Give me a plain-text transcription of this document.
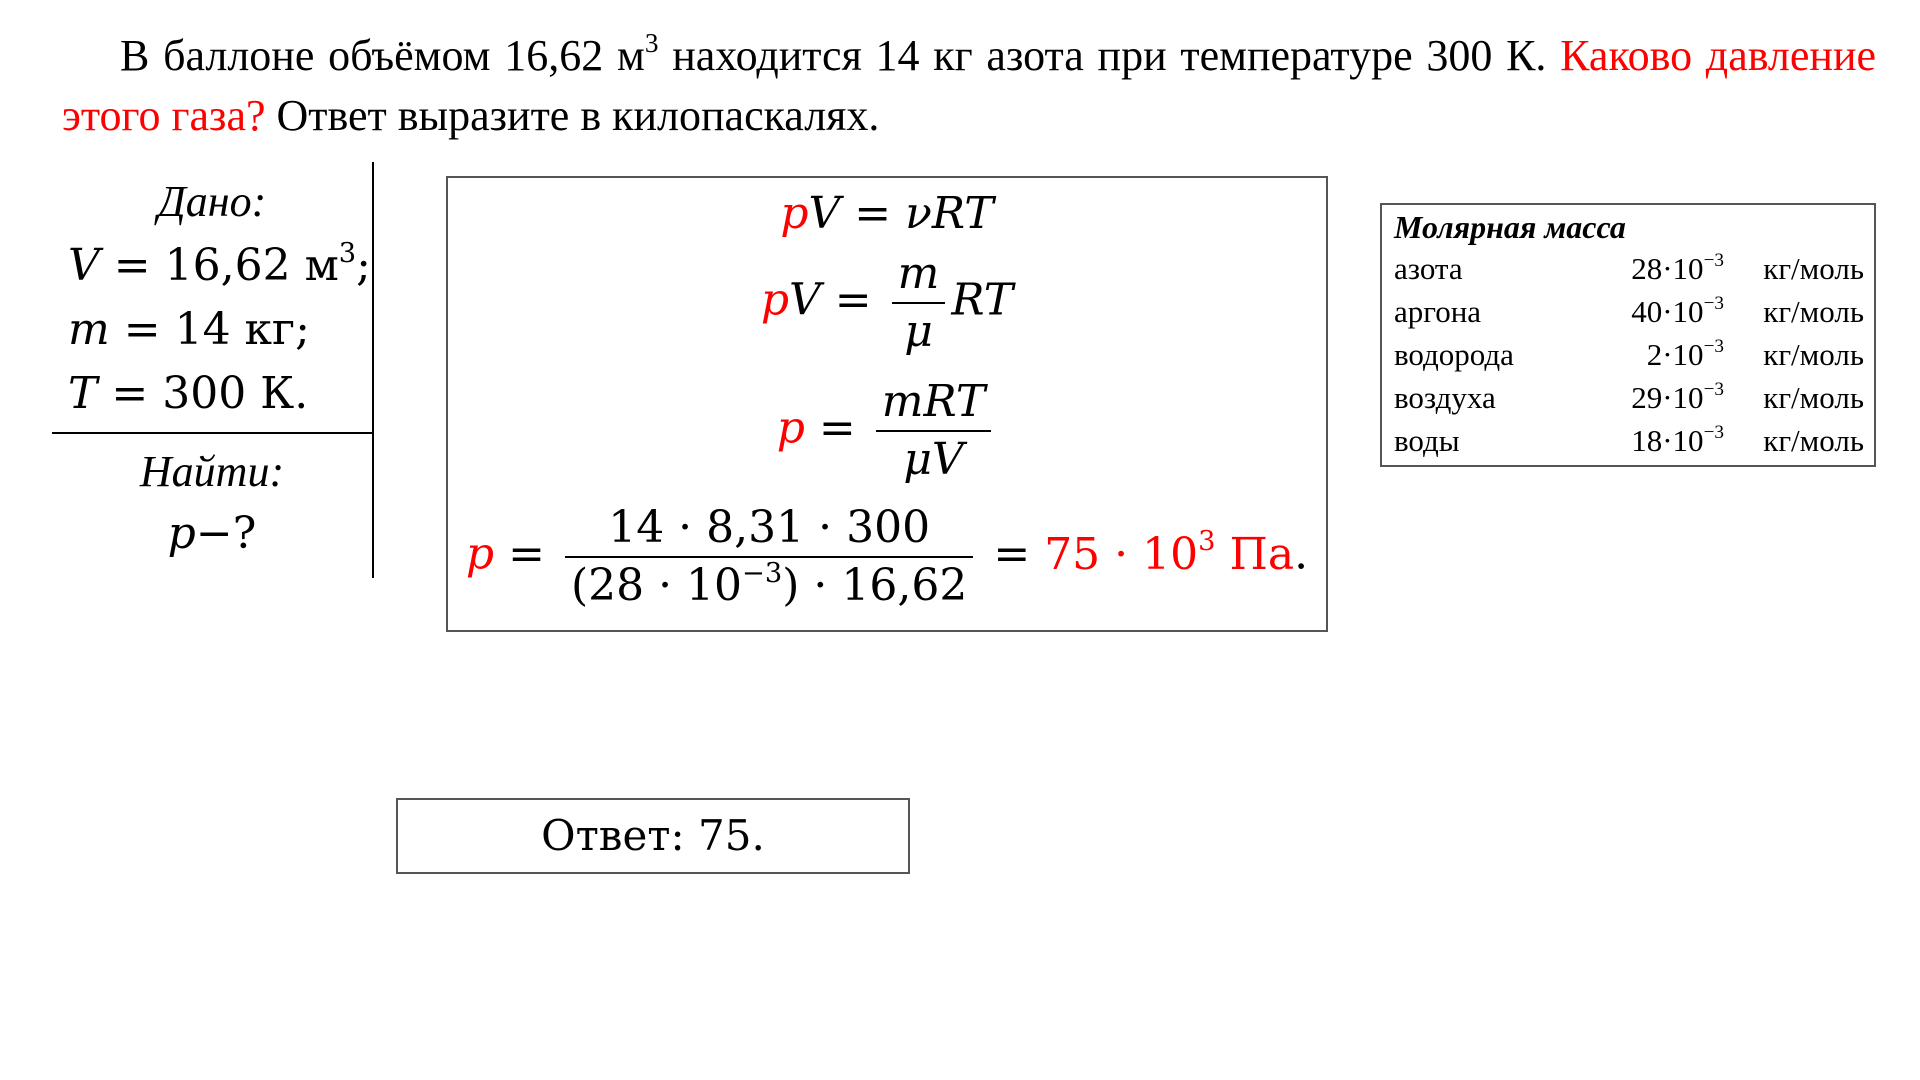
В баллоне объёмом 16,62 $м^3$ находится 14 кг азота при температуре 300 К. Каково давление этого газа? Ответ выразите в килопаскалях.
Дано:
V = 16,62 $м^3$;
m = 14 кг;
T = 300 К.
Найти:
p−?
pV = νRT
pV = $\frac{m}{\mu}$ RT
$p = \frac{\text{mRT}}{\mu V}$
$p = \frac{14 \cdot 8,31 \cdot 300}{(28 \cdot 10^{-3}) \cdot 16,62} = 75 \cdot 10^3$ Па.
Молярная масса
азота	$28\cdot 10^{-3}$ кг/моль
аргона	$40\cdot 10^{-3}$ кг/моль
водорода	$2\cdot 10^{-3}$ кг/моль
воздуха	$29\cdot 10^{-3}$ кг/моль
воды	$18\cdot 10^{-3}$ кг/моль
Ответ: 75.
